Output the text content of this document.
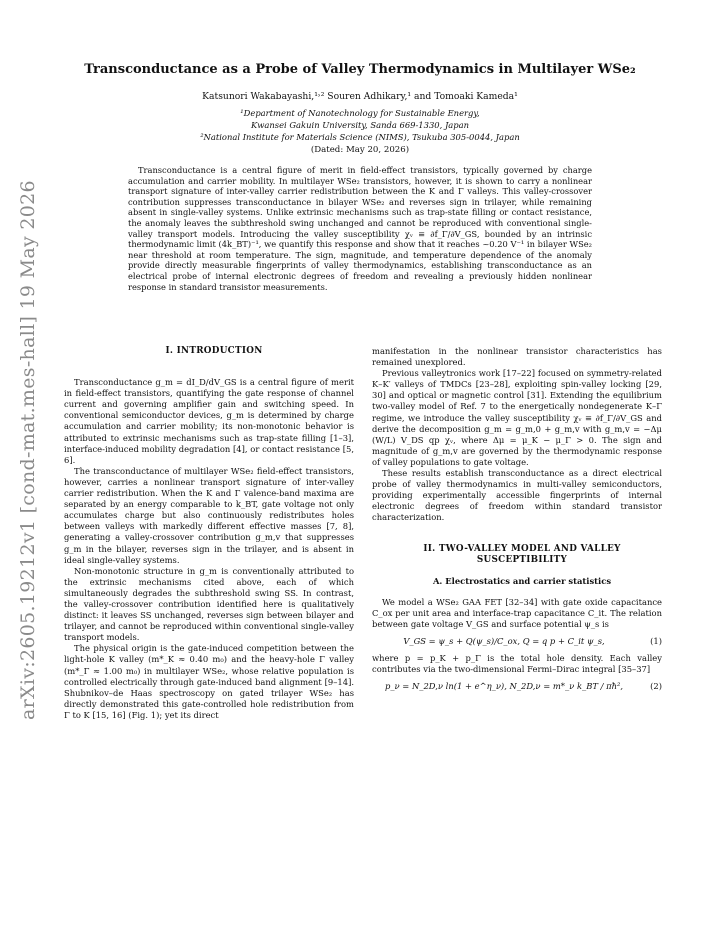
arXiv:2605.19212v1 [cond-mat.mes-hall] 19 May 2026
Transconductance as a Probe of Valley Thermodynamics in Multilayer WSe₂
Katsunori Wakabayashi,¹˒² Souren Adhikary,¹ and Tomoaki Kameda¹
¹Department of Nanotechnology for Sustainable Energy,
Kwansei Gakuin University, Sanda 669-1330, Japan
²National Institute for Materials Science (NIMS), Tsukuba 305-0044, Japan
(Dated: May 20, 2026)
Transconductance is a central figure of merit in field-effect transistors, typically governed by charge accumulation and carrier mobility. In multilayer WSe₂ transistors, however, it is shown to carry a nonlinear transport signature of inter-valley carrier redistribution between the K and Γ valleys. This valley-crossover contribution suppresses transconductance in bilayer WSe₂ and reverses sign in trilayer, while remaining absent in single-valley systems. Unlike extrinsic mechanisms such as trap-state filling or contact resistance, the anomaly leaves the subthreshold swing unchanged and cannot be reproduced with conventional single-valley transport models. Introducing the valley susceptibility χᵥ ≡ ∂f_Γ/∂V_GS, bounded by an intrinsic thermodynamic limit (4k_BT)⁻¹, we quantify this response and show that it reaches ~0.20 V⁻¹ in bilayer WSe₂ near threshold at room temperature. The sign, magnitude, and temperature dependence of the anomaly provide directly measurable fingerprints of valley thermodynamics, establishing transconductance as an electrical probe of internal electronic degrees of freedom and revealing a previously hidden nonlinear response in standard transistor measurements.

I. INTRODUCTION

Transconductance g_m = dI_D/dV_GS is a central figure of merit in field-effect transistors, quantifying the gate response of channel current and governing amplifier gain and switching speed. In conventional semiconductor devices, g_m is determined by charge accumulation and carrier mobility; its non-monotonic behavior is attributed to extrinsic mechanisms such as trap-state filling [1–3], interface-induced mobility degradation [4], or contact resistance [5, 6].

The transconductance of multilayer WSe₂ field-effect transistors, however, carries a nonlinear transport signature of inter-valley carrier redistribution. When the K and Γ valence-band maxima are separated by an energy comparable to k_BT, gate voltage not only accumulates charge but also continuously redistributes holes between valleys with markedly different effective masses [7, 8], generating a valley-crossover contribution g_m,v that suppresses g_m in the bilayer, reverses sign in the trilayer, and is absent in ideal single-valley systems.

Non-monotonic structure in g_m is conventionally attributed to the extrinsic mechanisms cited above, each of which simultaneously degrades the subthreshold swing SS. In contrast, the valley-crossover contribution identified here is qualitatively distinct: it leaves SS unchanged, reverses sign between bilayer and trilayer, and cannot be reproduced within conventional single-valley transport models.

The physical origin is the gate-induced competition between the light-hole K valley (m*_K ≈ 0.40 m₀) and the heavy-hole Γ valley (m*_Γ ≈ 1.00 m₀) in multilayer WSe₂, whose relative population is controlled electrically through gate-induced band alignment [9–14]. Shubnikov–de Haas spectroscopy on gated trilayer WSe₂ has directly demonstrated this gate-controlled hole redistribution from Γ to K [15, 16] (Fig. 1); yet its direct

manifestation in the nonlinear transistor characteristics has remained unexplored.

Previous valleytronics work [17–22] focused on symmetry-related K–K′ valleys of TMDCs [23–28], exploiting spin-valley locking [29, 30] and optical or magnetic control [31]. Extending the equilibrium two-valley model of Ref. 7 to the energetically nondegenerate K–Γ regime, we introduce the valley susceptibility χᵥ ≡ ∂f_Γ/∂V_GS and derive the decomposition g_m = g_m,0 + g_m,v with g_m,v = −Δμ (W/L) V_DS qp χᵥ, where Δμ = μ_K − μ_Γ > 0. The sign and magnitude of g_m,v are governed by the thermodynamic response of valley populations to gate voltage.

These results establish transconductance as a direct electrical probe of valley thermodynamics in multi-valley semiconductors, providing experimentally accessible fingerprints of internal electronic degrees of freedom within standard transistor characterization.

II. TWO-VALLEY MODEL AND VALLEY

SUSCEPTIBILITY

A. Electrostatics and carrier statistics

We model a WSe₂ GAA FET [32–34] with gate oxide capacitance C_ox per unit area and interface-trap capacitance C_it. The relation between gate voltage V_GS and surface potential ψ_s is

V_GS = ψ_s + Q(ψ_s)/C_ox, Q = q p + C_it ψ_s,	(1)

where p = p_K + p_Γ is the total hole density. Each valley contributes via the two-dimensional Fermi–Dirac integral [35–37]

p_ν = N_2D,ν ln(1 + e^η_ν), N_2D,ν = m*_ν k_BT / πħ²,	(2)
